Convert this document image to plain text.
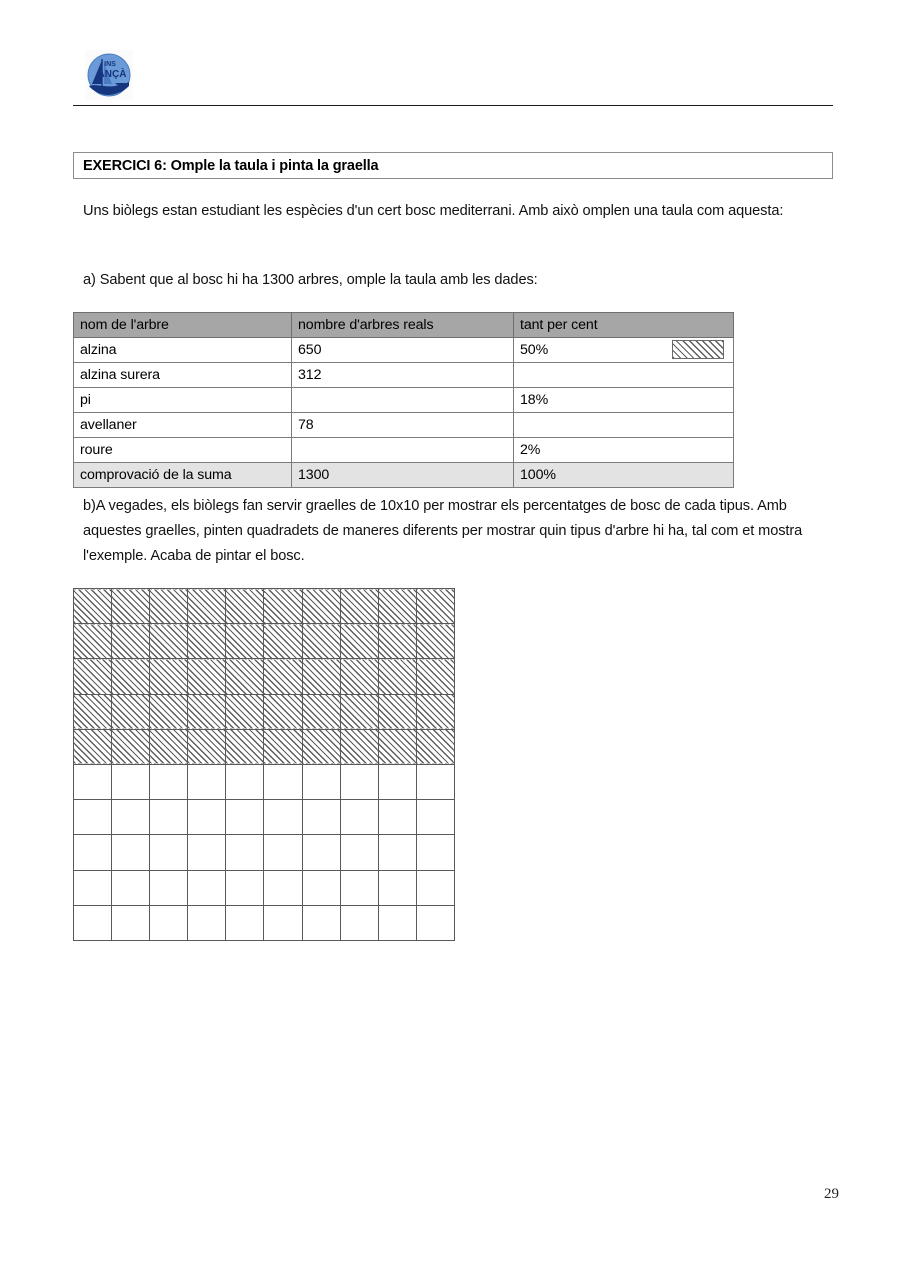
INS
ANÇÀ
EXERCICI 6: Omple la taula i pinta la graella
Uns biòlegs estan estudiant les espècies d'un cert bosc mediterrani. Amb això omplen una taula com aquesta:
a) Sabent que al bosc hi ha 1300 arbres, omple la taula amb les dades:
nom de l'arbre	nombre d'arbres reals	tant per cent
alzina	650	50%

alzina surera	312	
pi		18%
avellaner	78	
roure		2%
comprovació de la suma	1300	100%
b)A vegades, els biòlegs fan servir graelles de 10x10 per mostrar els percentatges de bosc de cada tipus. Amb aquestes graelles, pinten quadradets de maneres diferents per mostrar quin tipus d'arbre hi ha, tal com et mostra l'exemple. Acaba de pintar el bosc.

29
